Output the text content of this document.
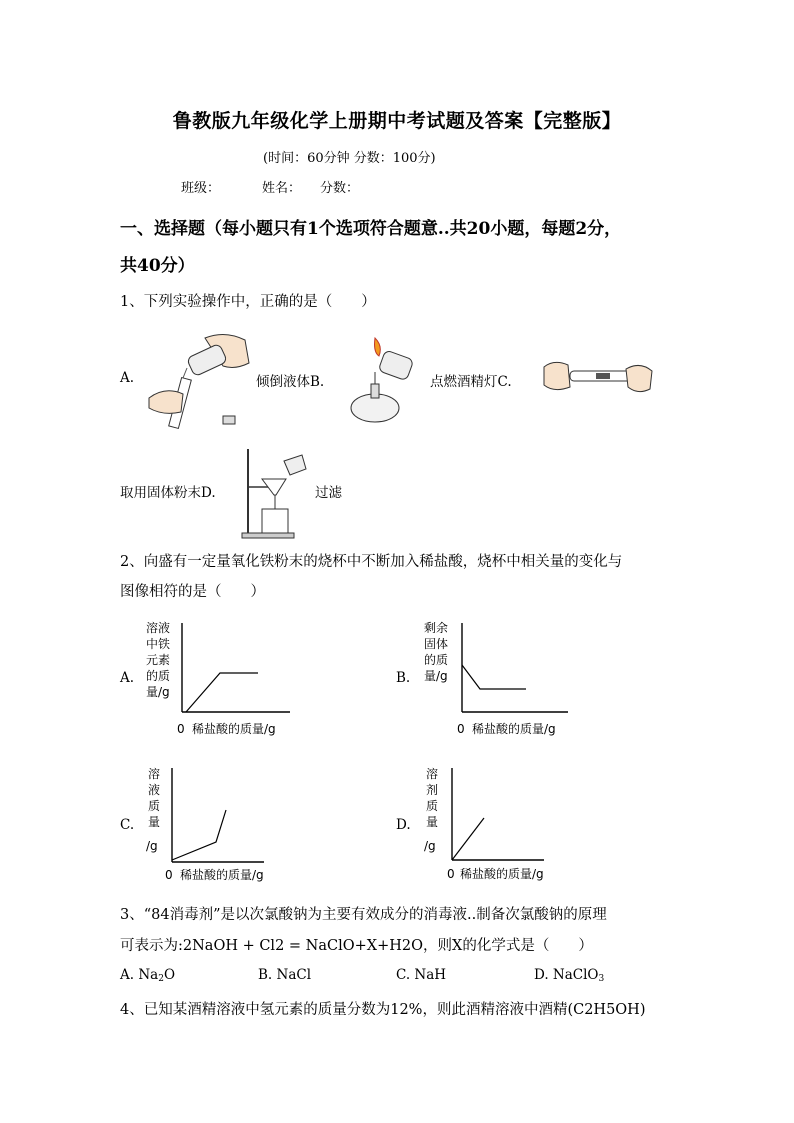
鲁教版九年级化学上册期中考试题及答案【完整版】
(时间：60分钟 分数：100分)
班级：	姓名： 分数：
一、选择题（每小题只有1个选项符合题意..共20小题，每题2分，
共40分）
1、下列实验操作中，正确的是（　　）
A.	倾倒液体B.	点燃酒精灯C.
取用固体粉末D.	过滤
2、向盛有一定量氧化铁粉末的烧杯中不断加入稀盐酸，烧杯中相关量的变化与
图像相符的是（　　）
A.
溶液
中铁
元素
的质
量/g
0 稀盐酸的质量/g
B.
剩余
固体
的质
量/g
0 稀盐酸的质量/g
C.
溶
液
质
量
/g
0 稀盐酸的质量/g
D.
溶
剂
质
量
/g
0 稀盐酸的质量/g
3、“84消毒剂”是以次氯酸钠为主要有效成分的消毒液..制备次氯酸钠的原理
可表示为:2NaOH + Cl2 = NaClO+X+H2O，则X的化学式是（　　）
A. $Na_2O$	B. NaCl	C. NaH	D. NaClO$_3$
4、已知某酒精溶液中氢元素的质量分数为12%，则此酒精溶液中酒精(C2H5OH)
